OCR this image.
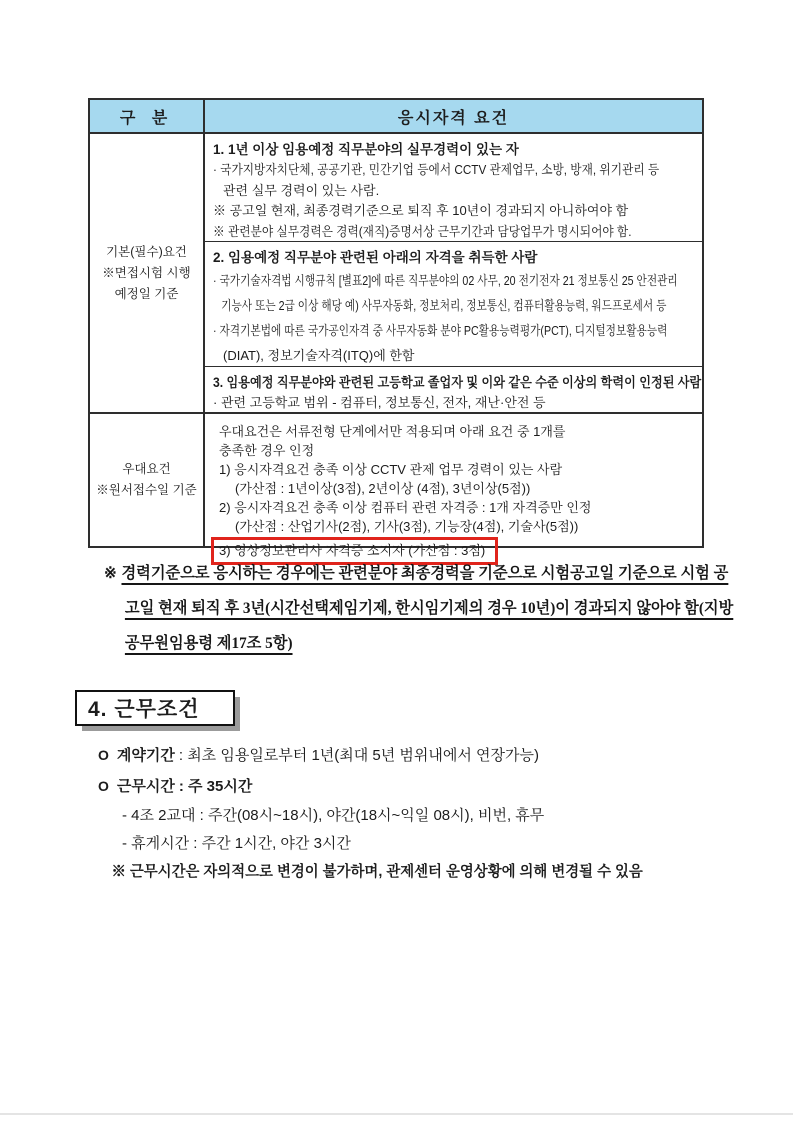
구 분	응시자격 요건
기본(필수)요건
※면접시험 시행
예정일 기준
1. 1년 이상 임용예정 직무분야의 실무경력이 있는 자
· 국가지방자치단체, 공공기관, 민간기업 등에서 CCTV 관제업무, 소방, 방재, 위기관리 등
관련 실무 경력이 있는 사람.
※ 공고일 현재, 최종경력기준으로 퇴직 후 10년이 경과되지 아니하여야 함
※ 관련분야 실무경력은 경력(재직)증명서상 근무기간과 담당업무가 명시되어야 함.
2. 임용예정 직무분야 관련된 아래의 자격을 취득한 사람
· 국가기술자격법 시행규칙 [별표2]에 따른 직무분야의 02 사무, 20 전기전자 21 정보통신 25 안전관리
기능사 또는 2급 이상 해당 예) 사무자동화, 정보처리, 정보통신, 컴퓨터활용능력, 워드프로세서 등
· 자격기본법에 따른 국가공인자격 중 사무자동화 분야 PC활용능력평가(PCT), 디지털정보활용능력
(DIAT), 정보기술자격(ITQ)에 한함
3. 임용예정 직무분야와 관련된 고등학교 졸업자 및 이와 같은 수준 이상의 학력이 인정된 사람
· 관련 고등학교 범위 - 컴퓨터, 정보통신, 전자, 재난·안전 등
우대요건
※원서접수일 기준
우대요건은 서류전형 단계에서만 적용되며 아래 요건 중 1개를
충족한 경우 인정
1) 응시자격요건 충족 이상 CCTV 관제 업무 경력이 있는 사람
(가산점 : 1년이상(3점), 2년이상 (4점), 3년이상(5점))
2) 응시자격요건 충족 이상 컴퓨터 관련 자격증 : 1개 자격증만 인정
(가산점 : 산업기사(2점), 기사(3점), 기능장(4점), 기술사(5점))
3) 영상정보관리사 자격증 소지자 (가산점 : 3점)
※ 경력기준으로 응시하는 경우에는 관련분야 최종경력을 기준으로 시험공고일 기준으로 시험 공
고일 현재 퇴직 후 3년(시간선택제임기제, 한시임기제의 경우 10년)이 경과되지 않아야 함(지방
공무원임용령 제17조 5항)
4. 근무조건
O 계약기간 : 최초 임용일로부터 1년(최대 5년 범위내에서 연장가능)
O 근무시간 : 주 35시간
- 4조 2교대 : 주간(08시~18시), 야간(18시~익일 08시), 비번, 휴무
- 휴게시간 : 주간 1시간, 야간 3시간
※ 근무시간은 자의적으로 변경이 불가하며, 관제센터 운영상황에 의해 변경될 수 있음
